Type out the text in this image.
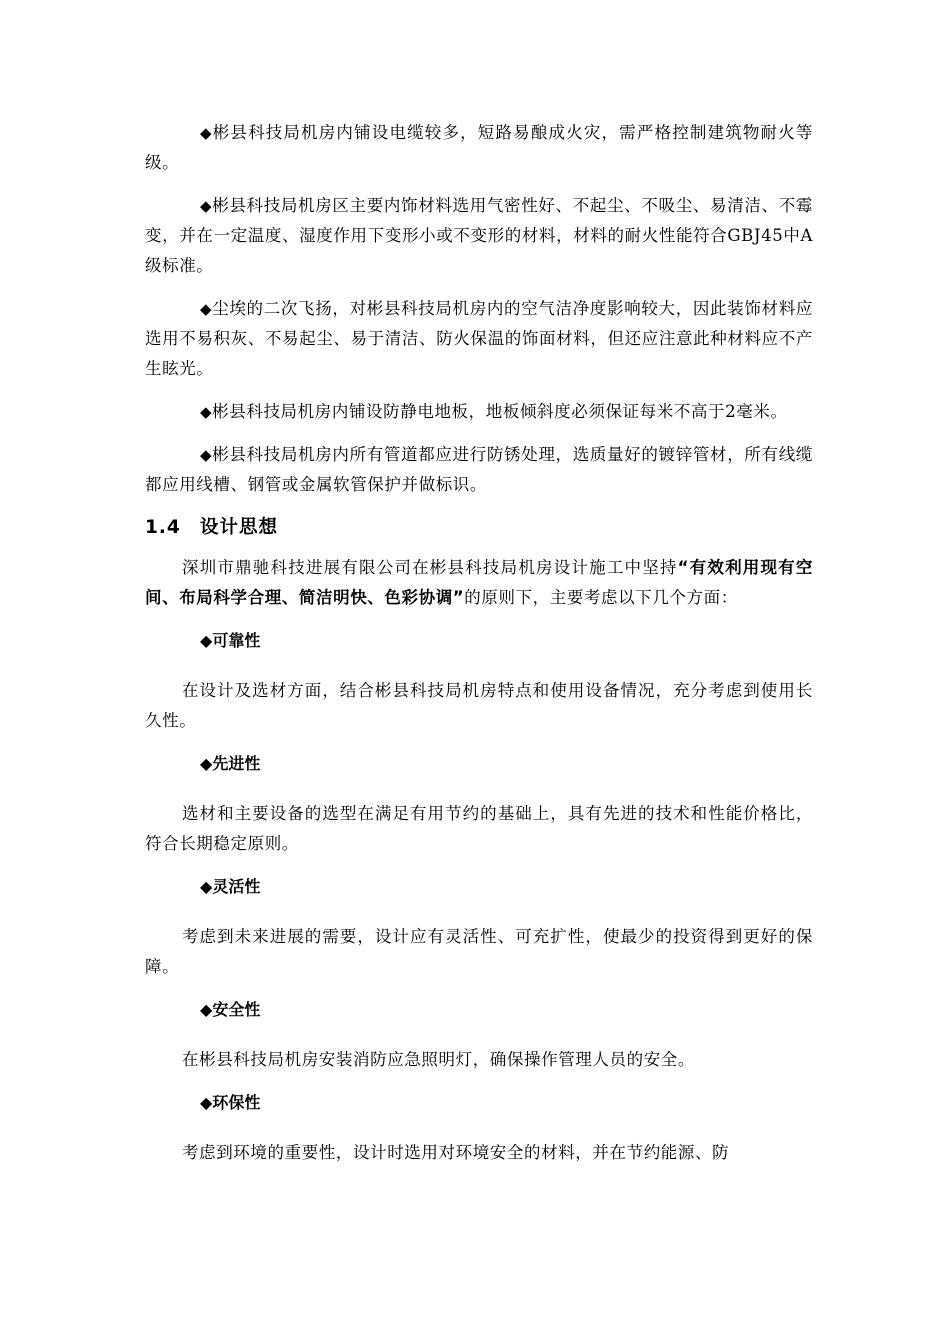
◆彬县科技局机房内铺设电缆较多，短路易酿成火灾，需严格控制建筑物耐火等级。

◆彬县科技局机房区主要内饰材料选用气密性好、不起尘、不吸尘、易清洁、不霉变，并在一定温度、湿度作用下变形小或不变形的材料，材料的耐火性能符合GBJ45中A级标准。

◆尘埃的二次飞扬，对彬县科技局机房内的空气洁净度影响较大，因此装饰材料应选用不易积灰、不易起尘、易于清洁、防火保温的饰面材料，但还应注意此种材料应不产生眩光。

◆彬县科技局机房内铺设防静电地板，地板倾斜度必须保证每米不高于2毫米。

◆彬县科技局机房内所有管道都应进行防锈处理，选质量好的镀锌管材，所有线缆都应用线槽、钢管或金属软管保护并做标识。

1.4 设计思想

深圳市鼎驰科技进展有限公司在彬县科技局机房设计施工中坚持“有效利用现有空间、布局科学合理、简洁明快、色彩协调”的原则下，主要考虑以下几个方面：

◆可靠性

在设计及选材方面，结合彬县科技局机房特点和使用设备情况，充分考虑到使用长久性。

◆先进性

选材和主要设备的选型在满足有用节约的基础上，具有先进的技术和性能价格比，符合长期稳定原则。

◆灵活性

考虑到未来进展的需要，设计应有灵活性、可充扩性，使最少的投资得到更好的保障。

◆安全性

在彬县科技局机房安装消防应急照明灯，确保操作管理人员的安全。

◆环保性

考虑到环境的重要性，设计时选用对环境安全的材料，并在节约能源、防
